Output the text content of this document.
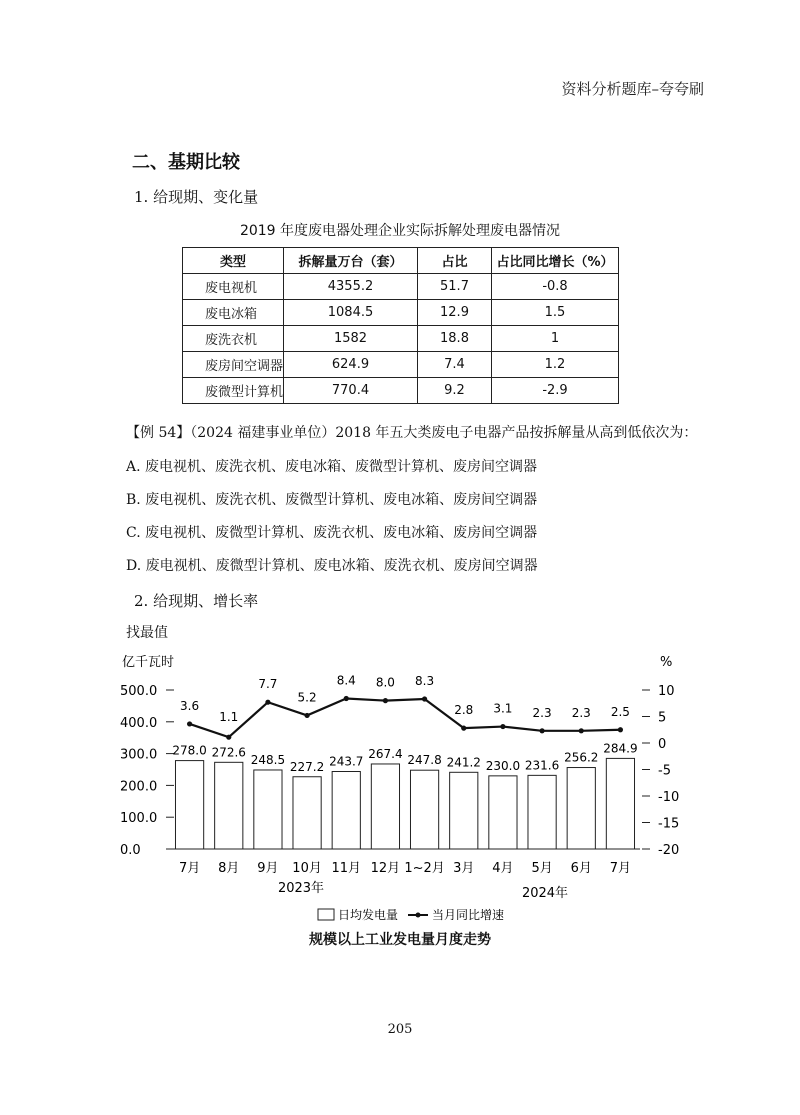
资料分析题库–夸夸刷
二、基期比较
1. 给现期、变化量
2019 年度废电器处理企业实际拆解处理废电器情况
类型	拆解量万台（套）	占比	占比同比增长（%）
废电视机	4355.2	51.7	-0.8
废电冰箱	1084.5	12.9	1.5
废洗衣机	1582	18.8	1
废房间空调器	624.9	7.4	1.2
废微型计算机	770.4	9.2	-2.9
【例 54】（2024 福建事业单位）2018 年五大类废电子电器产品按拆解量从高到低依次为：
A. 废电视机、废洗衣机、废电冰箱、废微型计算机、废房间空调器
B. 废电视机、废洗衣机、废微型计算机、废电冰箱、废房间空调器
C. 废电视机、废微型计算机、废洗衣机、废电冰箱、废房间空调器
D. 废电视机、废微型计算机、废电冰箱、废洗衣机、废房间空调器
2. 给现期、增长率
找最值
亿千瓦时	%
0.0
100.0
200.0
300.0
400.0
500.0
-20
-15
-10
-5
0
5
10
278.0 272.6
248.5 227.2 243.7
267.4 247.8 241.2 230.0 231.6
256.2
284.9
3.6
1.1
7.7
5.2
8.4 8.0 8.3
2.8 3.1 2.3 2.3 2.5
7月 8月 9月 10月 11月 12月 1~2月 3月 4月 5月 6月 7月
2023年	2024年
日均发电量	当月同比增速
规模以上工业发电量月度走势
205
